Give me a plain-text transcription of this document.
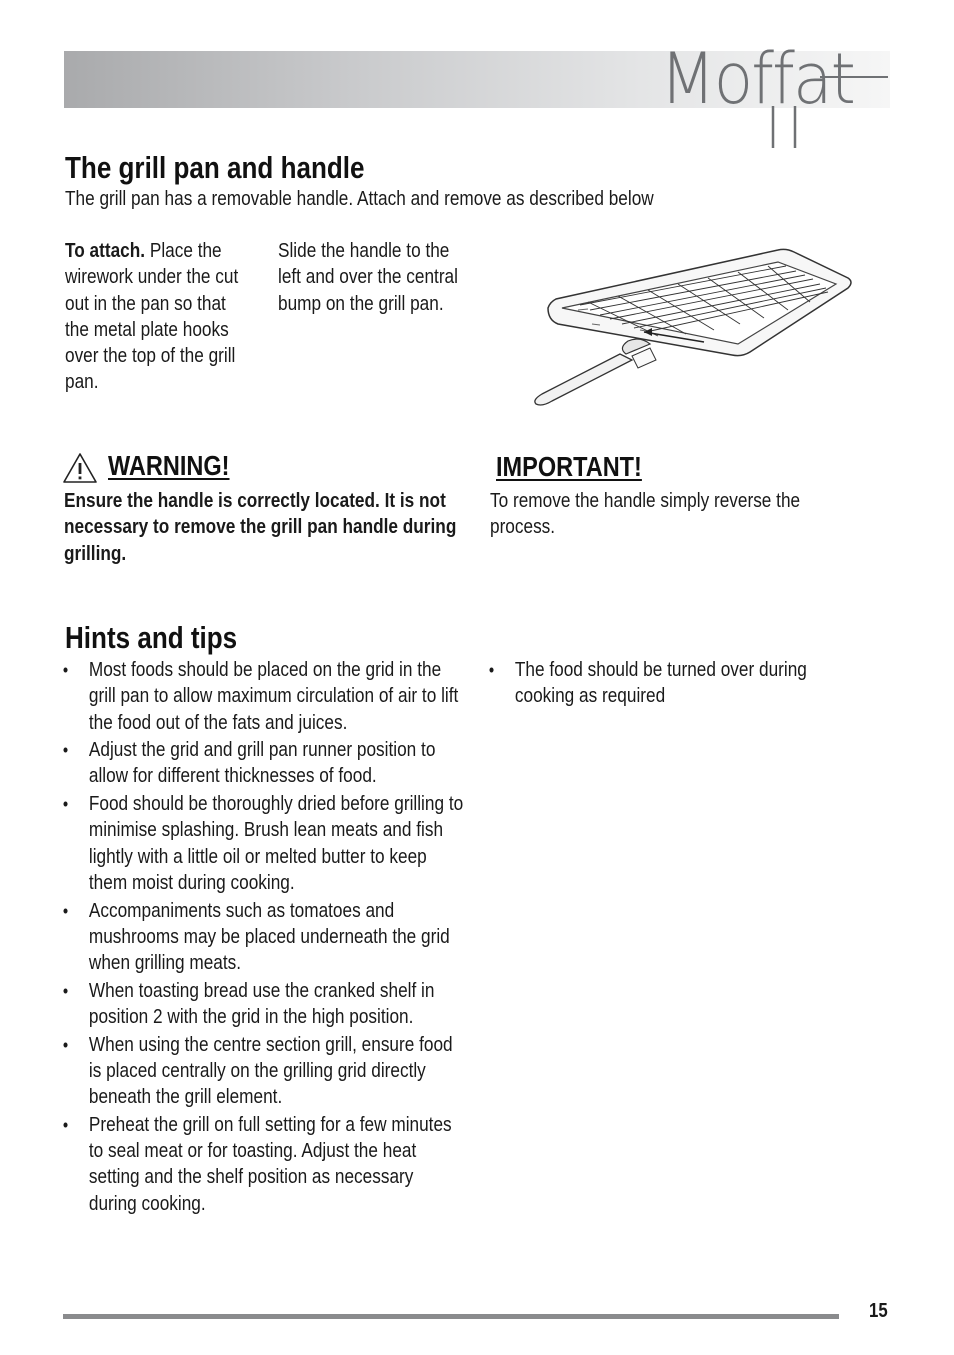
Moffat
The grill pan and handle
The grill pan has a removable handle. Attach and remove as described below
To attach. Place the wirework under the cut out in the pan so that the metal plate hooks over the top of the grill pan.
Slide the handle to the left and over the central bump on the grill pan.
WARNING!
Ensure the handle is correctly located. It is not necessary to remove the grill pan handle during grilling.
IMPORTANT!
To remove the handle simply reverse the process.
Hints and tips
• Most foods should be placed on the grid in the grill pan to allow maximum circulation of air to lift the food out of the fats and juices.
• Adjust the grid and grill pan runner position to allow for different thicknesses of food.
• Food should be thoroughly dried before grilling to minimise splashing. Brush lean meats and fish lightly with a little oil or melted butter to keep them moist during cooking.
• Accompaniments such as tomatoes and mushrooms may be placed underneath the grid when grilling meats.
• When toasting bread use the cranked shelf in position 2 with the grid in the high position.
• When using the centre section grill, ensure food is placed centrally on the grilling grid directly beneath the grill element.
• Preheat the grill on full setting for a few minutes to seal meat or for toasting. Adjust the heat setting and the shelf position as necessary during cooking.
• The food should be turned over during cooking as required
15
